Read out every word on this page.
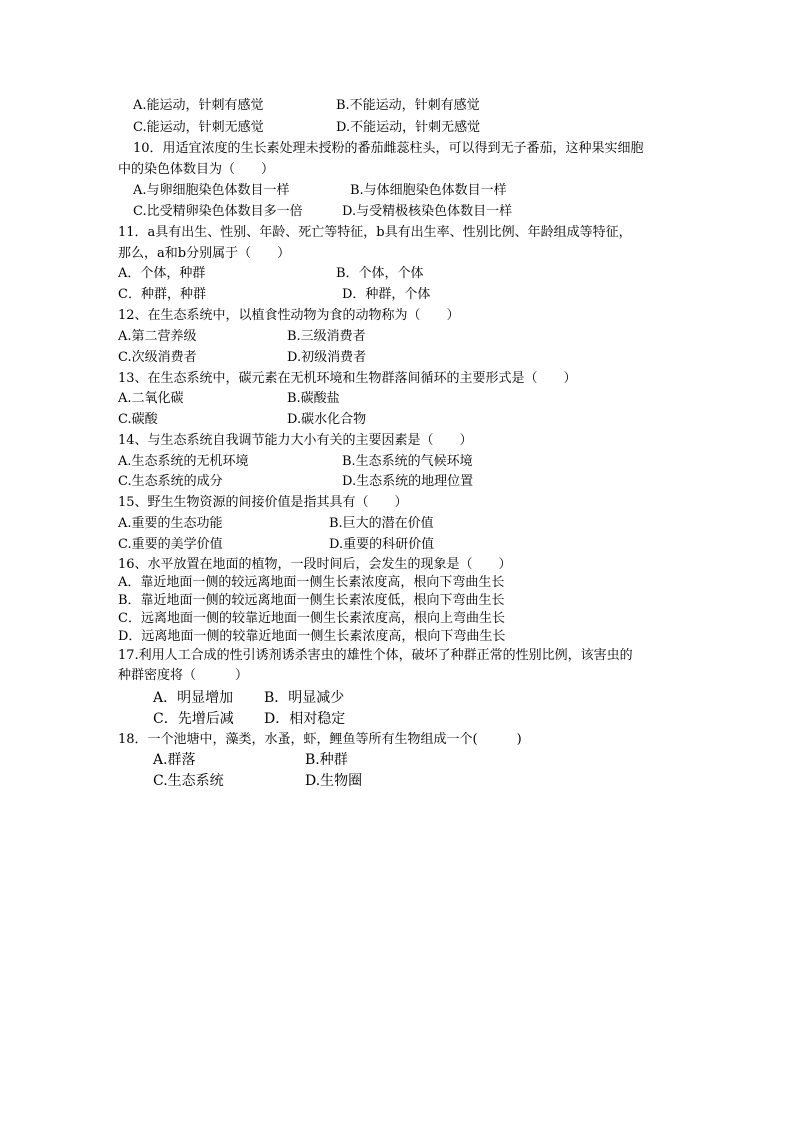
A.能运动，针刺有感觉	B.不能运动，针刺有感觉
C.能运动，针刺无感觉	D.不能运动，针刺无感觉
10．用适宜浓度的生长素处理未授粉的番茄雌蕊柱头，可以得到无子番茄，这种果实细胞
中的染色体数目为（　　）
A.与卵细胞染色体数目一样	B.与体细胞染色体数目一样
C.比受精卵染色体数目多一倍	D.与受精极核染色体数目一样
11．a具有出生、性别、年龄、死亡等特征，b具有出生率、性别比例、年龄组成等特征，
那么，a和b分别属于（　　）
A．个体，种群	B．个体，个体
C．种群，种群	D．种群，个体
12、在生态系统中，以植食性动物为食的动物称为（　　）
A.第二营养级	B.三级消费者
C.次级消费者	D.初级消费者
13、在生态系统中，碳元素在无机环境和生物群落间循环的主要形式是（　　）
A.二氧化碳	B.碳酸盐
C.碳酸	D.碳水化合物
14、与生态系统自我调节能力大小有关的主要因素是（　　）
A.生态系统的无机环境	B.生态系统的气候环境
C.生态系统的成分	D.生态系统的地理位置
15、野生生物资源的间接价值是指其具有（　　）
A.重要的生态功能	B.巨大的潜在价值
C.重要的美学价值	D.重要的科研价值
16、水平放置在地面的植物，一段时间后，会发生的现象是（　　）
A．靠近地面一侧的较远离地面一侧生长素浓度高，根向下弯曲生长
B．靠近地面一侧的较远离地面一侧生长素浓度低，根向下弯曲生长
C．远离地面一侧的较靠近地面一侧生长素浓度高，根向上弯曲生长
D．远离地面一侧的较靠近地面一侧生长素浓度高，根向下弯曲生长
17.利用人工合成的性引诱剂诱杀害虫的雄性个体，破坏了种群正常的性别比例，该害虫的
种群密度将（　　　）
A．明显增加 B．明显减少
C．先增后减 D．相对稳定
18．一个池塘中，藻类，水蚤，虾，鲤鱼等所有生物组成一个(　　　)
A.群落	B.种群
C.生态系统	D.生物圈
